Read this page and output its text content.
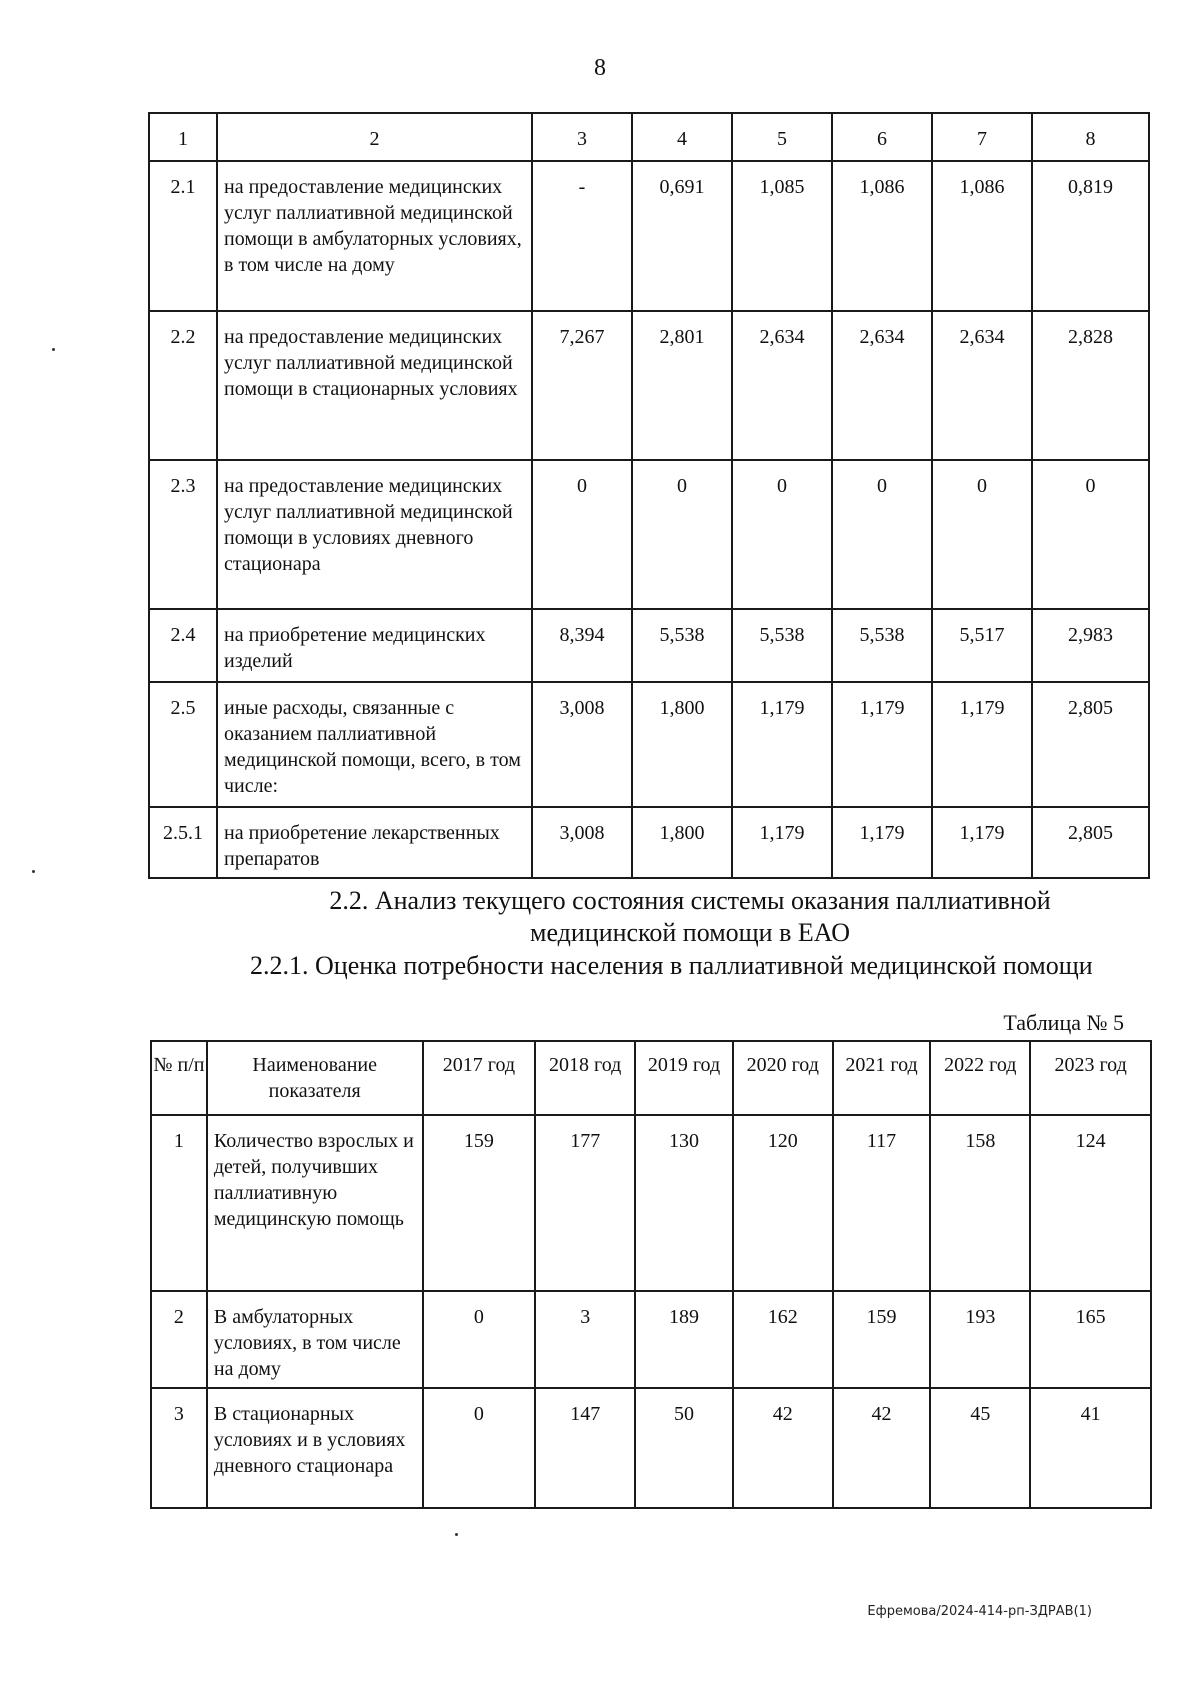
8
1	2	3	4	5	6	7	8
2.1	на предоставление медицинских услуг паллиативной медицинской помощи в амбулаторных условиях, в том числе на дому	-	0,691	1,085	1,086	1,086	0,819
2.2	на предоставление медицинских услуг паллиативной медицинской помощи в стационарных условиях	7,267	2,801	2,634	2,634	2,634	2,828
2.3	на предоставление медицинских услуг паллиативной медицинской помощи в условиях дневного стационара	0	0	0	0	0	0
2.4	на приобретение медицинских изделий	8,394	5,538	5,538	5,538	5,517	2,983
2.5	иные расходы, связанные с оказанием паллиативной медицинской помощи, всего, в том числе:	3,008	1,800	1,179	1,179	1,179	2,805
2.5.1	на приобретение лекарственных препаратов	3,008	1,800	1,179	1,179	1,179	2,805
2.2. Анализ текущего состояния системы оказания паллиативной медицинской помощи в ЕАО
2.2.1. Оценка потребности населения в паллиативной медицинской помощи
Таблица № 5
№ п/п	Наименование показателя	2017 год	2018 год	2019 год	2020 год	2021 год	2022 год	2023 год
1	Количество взрослых и детей, получивших паллиативную медицинскую помощь	159	177	130	120	117	158	124
2	В амбулаторных условиях, в том числе на дому	0	3	189	162	159	193	165
3	В стационарных условиях и в условиях дневного стационара	0	147	50	42	42	45	41
Ефремова/2024-414-рп-ЗДРАВ(1)
